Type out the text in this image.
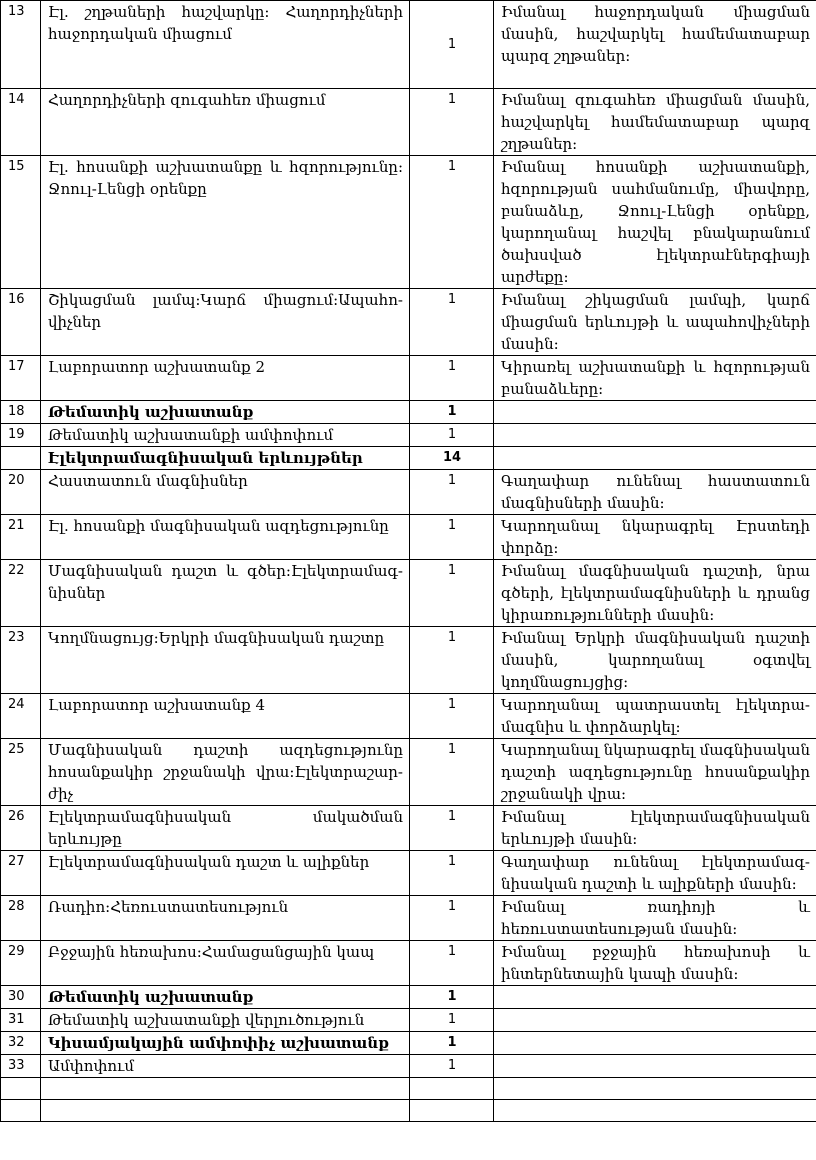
13	Էլ. շղթաների հաշվարկը: Հաղորդիչների հաջորդական միացում	1	Իմանալ հաջորդական միացման մասին, հաշվարկել համեմատաբար պարզ շղթաներ:
14	Հաղորդիչների զուգահեռ միացում	1	Իմանալ զուգահեռ միացման մասին, հաշվարկել համեմատաբար պարզ շղթաներ:
15	Էլ. հոսանքի աշխատանքը և հզորությունը: Ջոուլ-Լենցի օրենքը	1	Իմանալ հոսանքի աշխատանքի, հզորության սահմանումը, միավորը, բանաձևը, Ջոուլ-Լենցի օրենքը, կարողանալ հաշվել բնակարանում ծախսված էլեկտրաէներգիայի արժեքը:
16	Շիկացման լամպ:Կարճ միացում:Ապահո-վիչներ	1	Իմանալ շիկացման լամպի, կարճ միացման երևույթի և ապահովիչների մասին:
17	Լաբորատոր աշխատանք 2	1	Կիրառել աշխատանքի և հզորության բանաձևերը:
18	Թեմատիկ աշխատանք	1	
19	Թեմատիկ աշխատանքի ամփոփում	1	
	Էլեկտրամագնիսական երևույթներ	14	
20	Հաստատուն մագնիսներ	1	Գաղափար ունենալ հաստատուն մագնիսների մասին:
21	Էլ. հոսանքի մագնիսական ազդեցությունը	1	Կարողանալ նկարագրել Էրստեդի փորձը:
22	Մագնիսական դաշտ և գծեր:Էլեկտրամագ-նիսներ	1	Իմանալ մագնիսական դաշտի, նրա գծերի, էլեկտրամագնիսների և դրանց կիրառությունների մասին:
23	Կողմնացույց:Երկրի մագնիսական դաշտը	1	Իմանալ Երկրի մագնիսական դաշտի մասին, կարողանալ օգտվել կողմնացույցից:
24	Լաբորատոր աշխատանք 4	1	Կարողանալ պատրաստել էլեկտրա-մագնիս և փորձարկել:
25	Մագնիսական դաշտի ազդեցությունը հոսանքակիր շրջանակի վրա:Էլեկտրաշար-ժիչ	1	Կարողանալ նկարագրել մագնիսական դաշտի ազդեցությունը հոսանքակիր շրջանակի վրա:
26	Էլեկտրամագնիսական մակածման երևույթը	1	Իմանալ էլեկտրամագնիսական երևույթի մասին:
27	Էլեկտրամագնիսական դաշտ և ալիքներ	1	Գաղափար ունենալ էլեկտրամագ-նիսական դաշտի և ալիքների մասին:
28	Ռադիո:Հեռուստատեսություն	1	Իմանալ ռադիոյի և հեռուստատեսության մասին:
29	Բջջային հեռախոս:Համացանցային կապ	1	Իմանալ բջջային հեռախոսի և ինտերնետային կապի մասին:
30	Թեմատիկ աշխատանք	1	
31	Թեմատիկ աշխատանքի վերլուծություն	1	
32	Կիսամյակային ամփոփիչ աշխատանք	1	
33	Ամփոփում	1	
